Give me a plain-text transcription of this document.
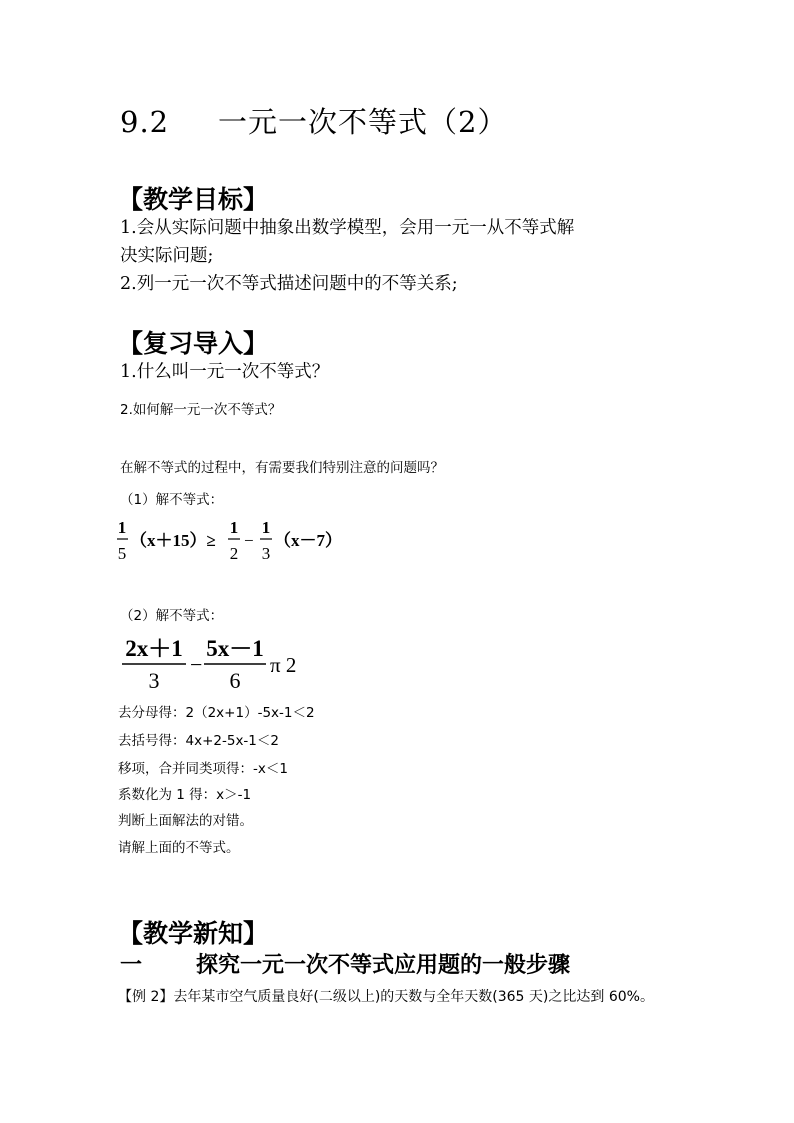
9.2 一元一次不等式（2）
【教学目标】
1.会从实际问题中抽象出数学模型，会用一元一从不等式解
决实际问题;
2.列一元一次不等式描述问题中的不等关系;
【复习导入】
1.什么叫一元一次不等式？
2.如何解一元一次不等式？
在解不等式的过程中，有需要我们特别注意的问题吗？
（1）解不等式：
1
5
（x＋15）≥
1
2
−
1
3
（x－7）
（2）解不等式：
2x＋1
3
−
5x－1
6
π 2
去分母得：2（2x+1）-5x-1＜2
去括号得：4x+2-5x-1＜2
移项，合并同类项得：-x＜1
系数化为 1 得：x＞-1
判断上面解法的对错。
请解上面的不等式。
【教学新知】
一 探究一元一次不等式应用题的一般步骤
【例 2】去年某市空气质量良好(二级以上)的天数与全年天数(365 天)之比达到 60%。
